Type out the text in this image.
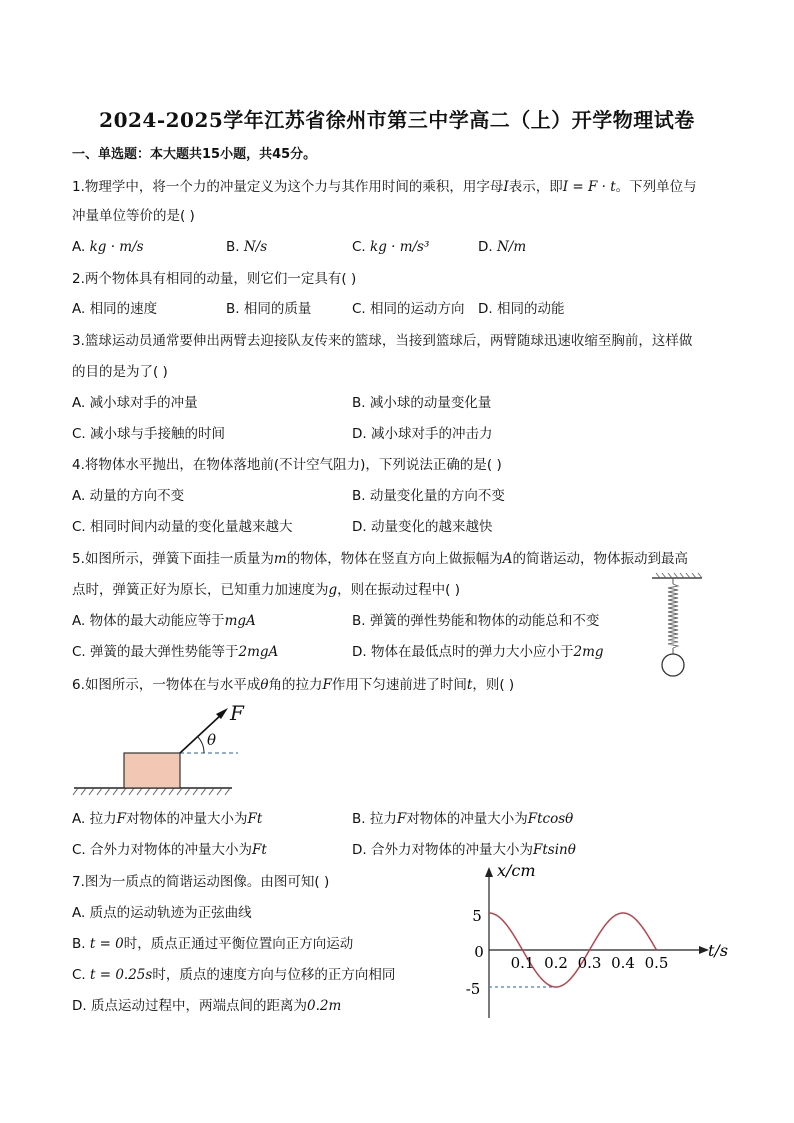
2024-2025学年江苏省徐州市第三中学高二（上）开学物理试卷
一、单选题：本大题共15小题，共45分。
1.物理学中，将一个力的冲量定义为这个力与其作用时间的乘积，用字母I表示，即I = F · t。下列单位与
冲量单位等价的是( )
A. kg · m/s	B. N/s	C. kg · m/s³	D. N/m
2.两个物体具有相同的动量，则它们一定具有( )
A. 相同的速度	B. 相同的质量	C. 相同的运动方向 D. 相同的动能
3.篮球运动员通常要伸出两臂去迎接队友传来的篮球，当接到篮球后，两臂随球迅速收缩至胸前，这样做
的目的是为了( )
A. 减小球对手的冲量	B. 减小球的动量变化量
C. 减小球与手接触的时间	D. 减小球对手的冲击力
4.将物体水平抛出，在物体落地前(不计空气阻力)，下列说法正确的是( )
A. 动量的方向不变	B. 动量变化量的方向不变
C. 相同时间内动量的变化量越来越大	D. 动量变化的越来越快
5.如图所示，弹簧下面挂一质量为m的物体，物体在竖直方向上做振幅为A的简谐运动，物体振动到最高
点时，弹簧正好为原长，已知重力加速度为g，则在振动过程中( )
A. 物体的最大动能应等于mgA	B. 弹簧的弹性势能和物体的动能总和不变
C. 弹簧的最大弹性势能等于2mgA	D. 物体在最低点时的弹力大小应小于2mg
6.如图所示，一物体在与水平成θ角的拉力F作用下匀速前进了时间t，则( )
F
θ
A. 拉力F对物体的冲量大小为Ft	B. 拉力F对物体的冲量大小为Ftcosθ
C. 合外力对物体的冲量大小为Ft	D. 合外力对物体的冲量大小为Ftsinθ
7.图为一质点的简谐运动图像。由图可知( )
A. 质点的运动轨迹为正弦曲线
B. t = 0时，质点正通过平衡位置向正方向运动
C. t = 0.25s时，质点的速度方向与位移的正方向相同
D. 质点运动过程中，两端点间的距离为0.2m
x/cm
t/s
5
0
-5
0.1 0.2 0.3 0.4 0.5
